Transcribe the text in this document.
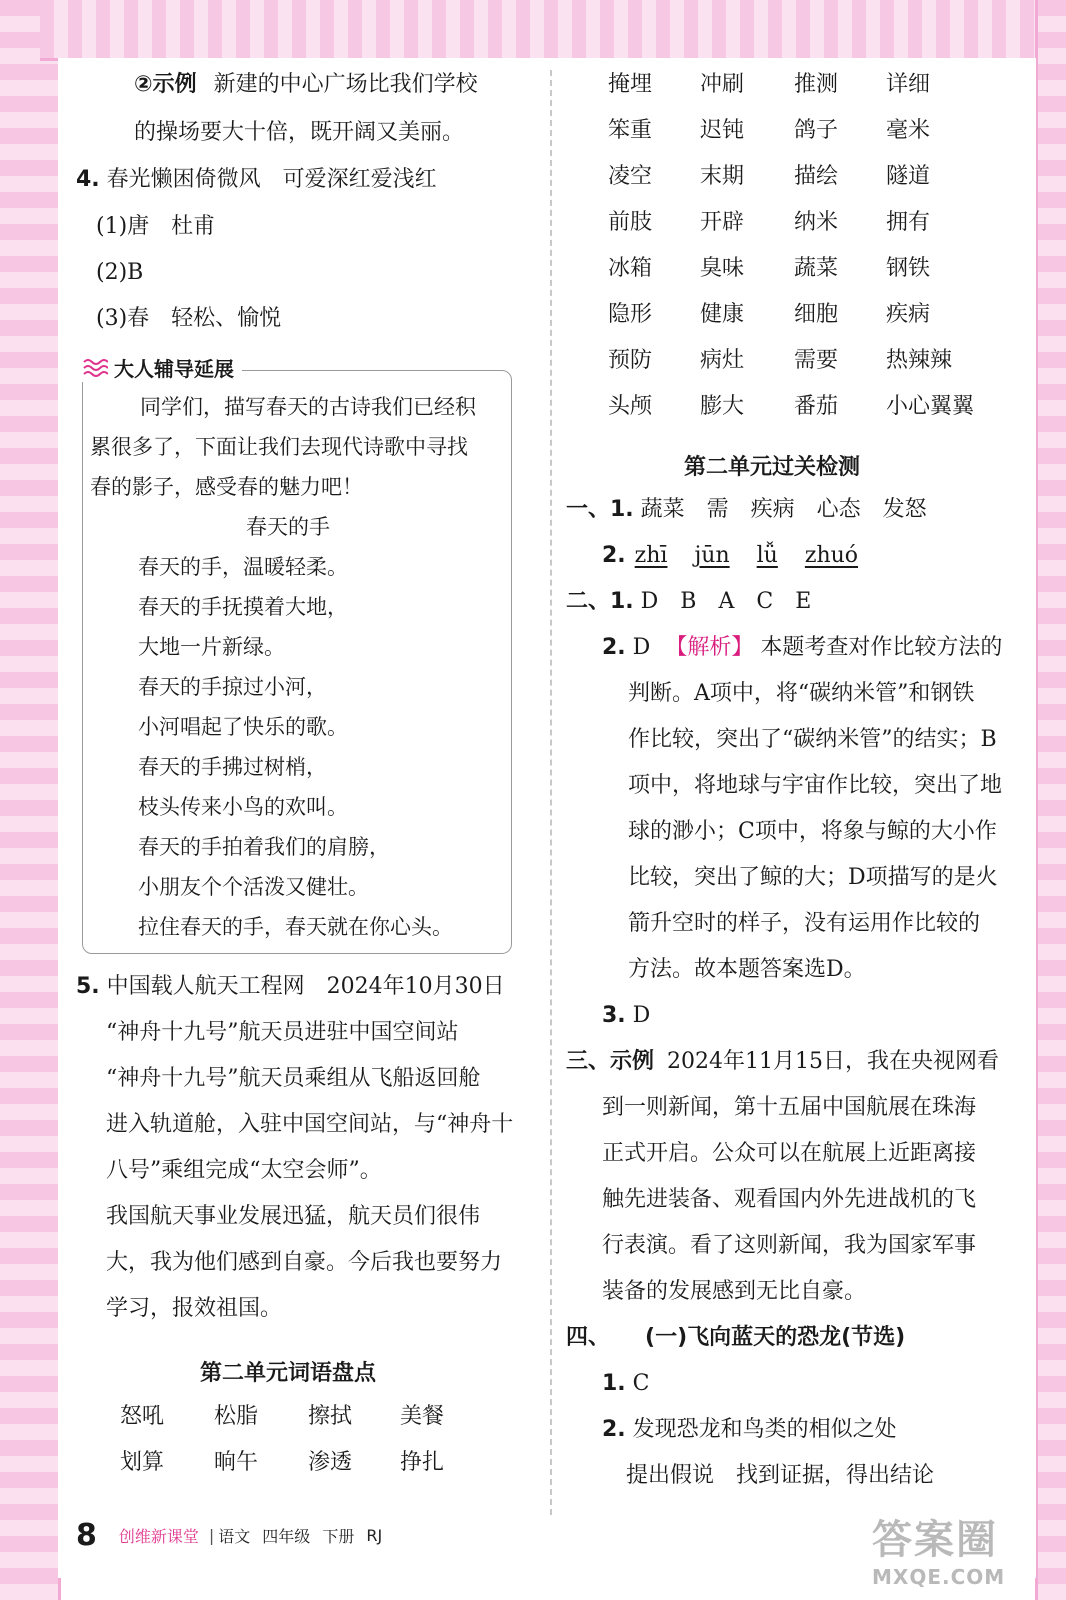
②示例 新建的中心广场比我们学校
的操场要大十倍，既开阔又美丽。
4. 春光懒困倚微风　可爱深红爱浅红
(1)唐　杜甫
(2)B
(3)春　轻松、愉悦
大人辅导延展
同学们，描写春天的古诗我们已经积
累很多了，下面让我们去现代诗歌中寻找
春的影子，感受春的魅力吧！
春天的手
春天的手，温暖轻柔。
春天的手抚摸着大地，
大地一片新绿。
春天的手掠过小河，
小河唱起了快乐的歌。
春天的手拂过树梢，
枝头传来小鸟的欢叫。
春天的手拍着我们的肩膀，
小朋友个个活泼又健壮。
拉住春天的手，春天就在你心头。
5. 中国载人航天工程网　2024年10月30日
“神舟十九号”航天员进驻中国空间站
“神舟十九号”航天员乘组从飞船返回舱
进入轨道舱，入驻中国空间站，与“神舟十
八号”乘组完成“太空会师”。
我国航天事业发展迅猛，航天员们很伟
大，我为他们感到自豪。今后我也要努力
学习，报效祖国。
第二单元词语盘点
怒吼 松脂 擦拭 美餐
划算 晌午 渗透 挣扎
掩埋 冲刷 推测 详细
笨重 迟钝 鸽子 毫米
凌空 末期 描绘 隧道
前肢 开辟 纳米 拥有
冰箱 臭味 蔬菜 钢铁
隐形 健康 细胞 疾病
预防 病灶 需要 热辣辣
头颅 膨大 番茄 小心翼翼
第二单元过关检测
一、1. 蔬菜　需　疾病　心态　发怒
2. zhī jūn lǚ zhuó
二、1. D　B　A　C　E
2. D 【解析】 本题考查对作比较方法的
判断。A项中，将“碳纳米管”和钢铁
作比较，突出了“碳纳米管”的结实；B
项中，将地球与宇宙作比较，突出了地
球的渺小；C项中，将象与鲸的大小作
比较，突出了鲸的大；D项描写的是火
箭升空时的样子，没有运用作比较的
方法。故本题答案选D。
3. D
三、示例 2024年11月15日，我在央视网看
到一则新闻，第十五届中国航展在珠海
正式开启。公众可以在航展上近距离接
触先进装备、观看国内外先进战机的飞
行表演。看了这则新闻，我为国家军事
装备的发展感到无比自豪。
四、 (一)飞向蓝天的恐龙(节选)
1. C
2. 发现恐龙和鸟类的相似之处
提出假说　找到证据，得出结论
8 创维新课堂 | 语文 四年级 下册 RJ	答案圈
MXQE.COM
